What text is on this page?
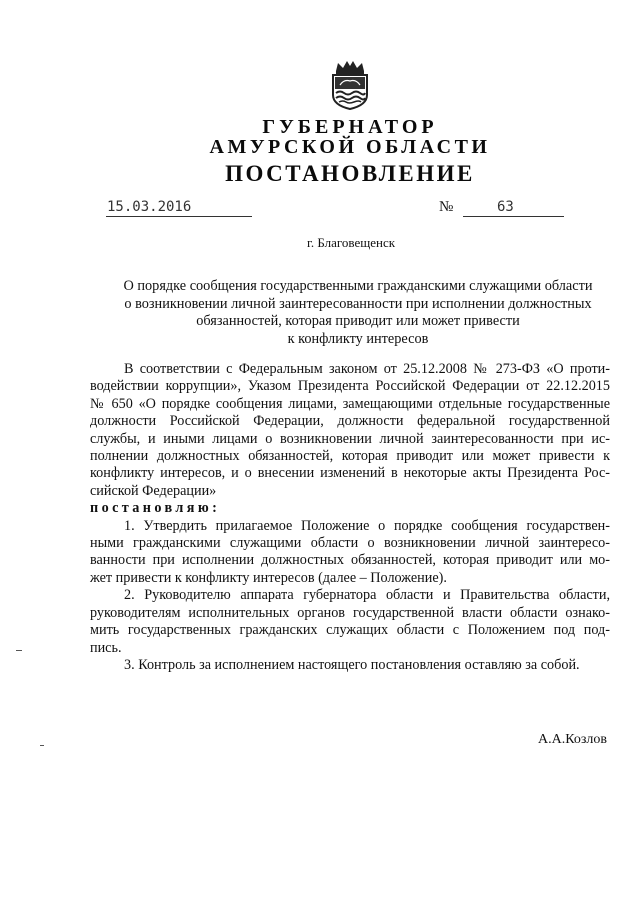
ГУБЕРНАТОР
АМУРСКОЙ ОБЛАСТИ
ПОСТАНОВЛЕНИЕ
15.03.2016	№	63
г. Благовещенск
О порядке сообщения государственными гражданскими служащими области
о возникновении личной заинтересованности при исполнении должностных
обязанностей, которая приводит или может привести
к конфликту интересов

В соответствии с Федеральным законом от 25.12.2008 № 273-ФЗ «О проти-

водействии коррупции», Указом Президента Российской Федерации от 22.12.2015

№ 650 «О порядке сообщения лицами, замещающими отдельные государственные

должности Российской Федерации, должности федеральной государственной

службы, и иными лицами о возникновении личной заинтересованности при ис-

полнении должностных обязанностей, которая приводит или может привести к

конфликту интересов, и о внесении изменений в некоторые акты Президента Рос-

сийской Федерации»

постановляю:

1. Утвердить прилагаемое Положение о порядке сообщения государствен-

ными гражданскими служащими области о возникновении личной заинтересо-

ванности при исполнении должностных обязанностей, которая приводит или мо-

жет привести к конфликту интересов (далее – Положение).

2. Руководителю аппарата губернатора области и Правительства области,

руководителям исполнительных органов государственной власти области ознако-

мить государственных гражданских служащих области с Положением под под-

пись.

3. Контроль за исполнением настоящего постановления оставляю за собой.

А.А.Козлов
